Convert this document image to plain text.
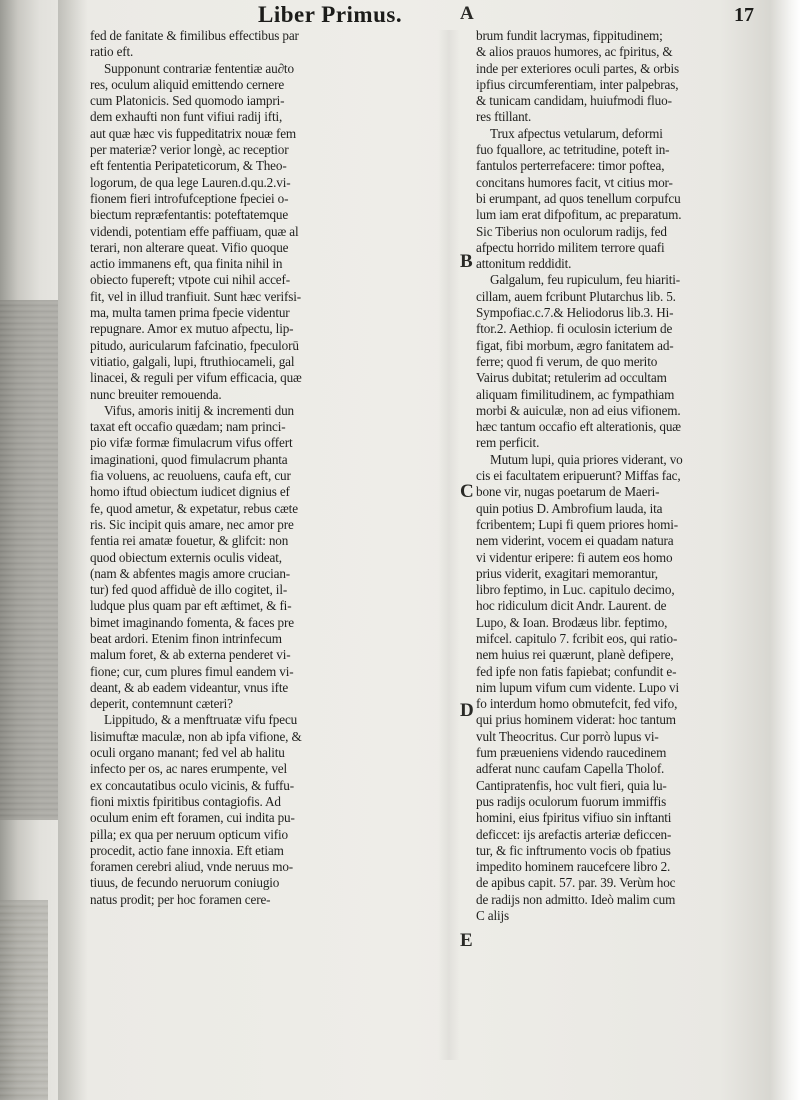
Liber Primus.	17
A
B
C
D
E
fed de fanitate & fimilibus effectibus par
ratio eft.
Supponunt contrariæ fententiæ au∂to
res, oculum aliquid emittendo cernere
cum Platonicis. Sed quomodo iampri-
dem exhaufti non funt vifiui radij ifti,
aut quæ hæc vis fuppeditatrix nouæ fem
per materiæ? verior longè, ac receptior
eft fententia Peripateticorum, & Theo-
logorum, de qua lege Lauren.d.qu.2.vi-
fionem fieri introfufceptione fpeciei o-
biectum repræfentantis: poteftatemque
videndi, potentiam effe paffiuam, quæ al
terari, non alterare queat. Vifio quoque
actio immanens eft, qua finita nihil in
obiecto fupereft; vtpote cui nihil accef-
fit, vel in illud tranfiuit. Sunt hæc verifsi-
ma, multa tamen prima fpecie videntur
repugnare. Amor ex mutuo afpectu, lip-
pitudo, auricularum fafcinatio, fpeculorū
vitiatio, galgali, lupi, ftruthiocameli, gal
linacei, & reguli per vifum efficacia, quæ
nunc breuiter remouenda.
Vifus, amoris initij & incrementi dun
taxat eft occafio quædam; nam princi-
pio vifæ formæ fimulacrum vifus offert
imaginationi, quod fimulacrum phanta
fia voluens, ac reuoluens, caufa eft, cur
homo iftud obiectum iudicet dignius ef
fe, quod ametur, & expetatur, rebus cæte
ris. Sic incipit quis amare, nec amor pre
fentia rei amatæ fouetur, & glifcit: non
quod obiectum externis oculis videat,
(nam & abfentes magis amore crucian-
tur) fed quod affiduè de illo cogitet, il-
ludque plus quam par eft æftimet, & fi-
bimet imaginando fomenta, & faces pre
beat ardori. Etenim finon intrinfecum
malum foret, & ab externa penderet vi-
fione; cur, cum plures fimul eandem vi-
deant, & ab eadem videantur, vnus ifte
deperit, contemnunt cæteri?
Lippitudo, & a menftruatæ vifu fpecu
lisimuftæ maculæ, non ab ipfa vifione, &
oculi organo manant; fed vel ab halitu
infecto per os, ac nares erumpente, vel
ex concautatibus oculo vicinis, & fuffu-
fioni mixtis fpiritibus contagiofis. Ad
oculum enim eft foramen, cui indita pu-
pilla; ex qua per neruum opticum vifio
procedit, actio fane innoxia. Eft etiam
foramen cerebri aliud, vnde neruus mo-
tiuus, de fecundo neruorum coniugio
natus prodit; per hoc foramen cere-
brum fundit lacrymas, fippitudinem;
& alios prauos humores, ac fpiritus, &
inde per exteriores oculi partes, & orbis
ipfius circumferentiam, inter palpebras,
& tunicam candidam, huiufmodi fluo-
res ftillant.
Trux afpectus vetularum, deformi
fuo fquallore, ac tetritudine, poteft in-
fantulos perterrefacere: timor poftea,
concitans humores facit, vt citius mor-
bi erumpant, ad quos tenellum corpufcu
lum iam erat difpofitum, ac preparatum.
Sic Tiberius non oculorum radijs, fed
afpectu horrido militem terrore quafi
attonitum reddidit.
Galgalum, feu rupiculum, feu hiariti-
cillam, auem fcribunt Plutarchus lib. 5.
Sympofiac.c.7.& Heliodorus lib.3. Hi-
ftor.2. Aethiop. fi oculosin icterium de
figat, fibi morbum, ægro fanitatem ad-
ferre; quod fi verum, de quo merito
Vairus dubitat; retulerim ad occultam
aliquam fimilitudinem, ac fympathiam
morbi & auiculæ, non ad eius vifionem.
hæc tantum occafio eft alterationis, quæ
rem perficit.
Mutum lupi, quia priores viderant, vo
cis ei facultatem eripuerunt? Miffas fac,
bone vir, nugas poetarum de Maeri-
quin potius D. Ambrofium lauda, ita
fcribentem; Lupi fi quem priores homi-
nem viderint, vocem ei quadam natura
vi videntur eripere: fi autem eos homo
prius viderit, exagitari memorantur,
libro feptimo, in Luc. capitulo decimo,
hoc ridiculum dicit Andr. Laurent. de
Lupo, & Ioan. Brodæus libr. feptimo,
mifcel. capitulo 7. fcribit eos, qui ratio-
nem huius rei quærunt, planè defipere,
fed ipfe non fatis fapiebat; confundit e-
nim lupum vifum cum vidente. Lupo vi
fo interdum homo obmutefcit, fed vifo,
qui prius hominem viderat: hoc tantum
vult Theocritus. Cur porrò lupus vi-
fum præuenienѕ videndo raucedinem
adferat nunc caufam Capella Tholof.
Cantipratenfis, hoc vult fieri, quia lu-
pus radijs oculorum fuorum immiffis
homini, eius fpiritus vifiuo sin inftanti
deficcet: ijs arefactis arteriæ deficcen-
tur, & fic inftrumento vocis ob fpatius
impedito hominem raucefcere libro 2.
de apibus capit. 57. par. 39. Verùm hoc
de radijs non admitto. Ideò malim cum
C alijs
